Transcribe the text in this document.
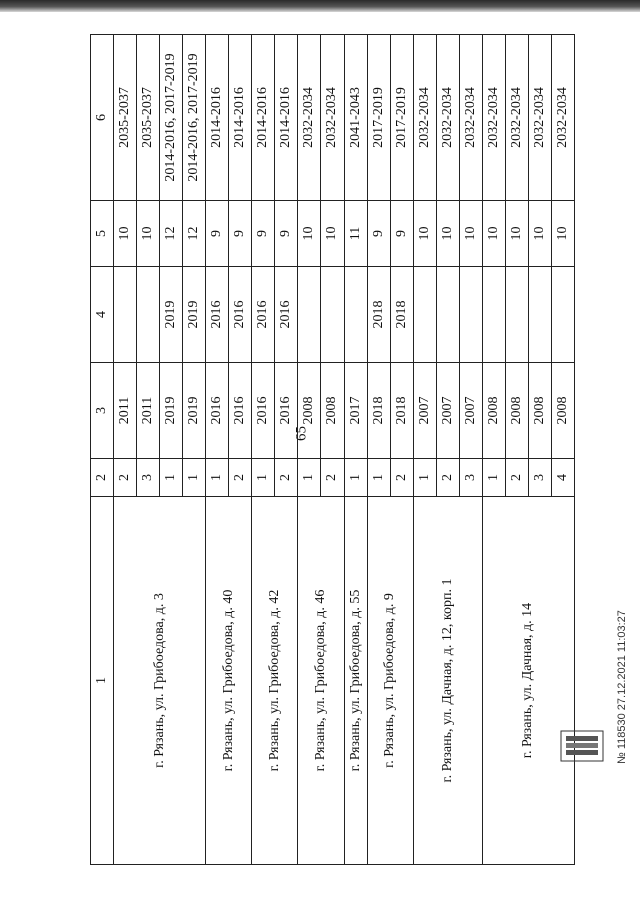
65
1	2	3	4	5	6
г. Рязань, ул. Грибоедова, д. 3	2	2011		10	2035-2037
	3	2011		10	2035-2037
	1	2019	2019	12	2014-2016, 2017-2019
	1	2019	2019	12	2014-2016, 2017-2019
г. Рязань, ул. Грибоедова, д. 40	1	2016	2016	9	2014-2016
	2	2016	2016	9	2014-2016
г. Рязань, ул. Грибоедова, д. 42	1	2016	2016	9	2014-2016
	2	2016	2016	9	2014-2016
г. Рязань, ул. Грибоедова, д. 46	1	2008		10	2032-2034
	2	2008		10	2032-2034
г. Рязань, ул. Грибоедова, д. 55	1	2017		11	2041-2043
г. Рязань, ул. Грибоедова, д. 9	1	2018	2018	9	2017-2019
	2	2018	2018	9	2017-2019
г. Рязань, ул. Дачная, д. 12, корп. 1	1	2007		10	2032-2034
	2	2007		10	2032-2034
	3	2007		10	2032-2034
г. Рязань, ул. Дачная, д. 14	1	2008		10	2032-2034
	2	2008		10	2032-2034
	3	2008		10	2032-2034
	4	2008		10	2032-2034
№ 118530 27.12.2021 11:03:27
